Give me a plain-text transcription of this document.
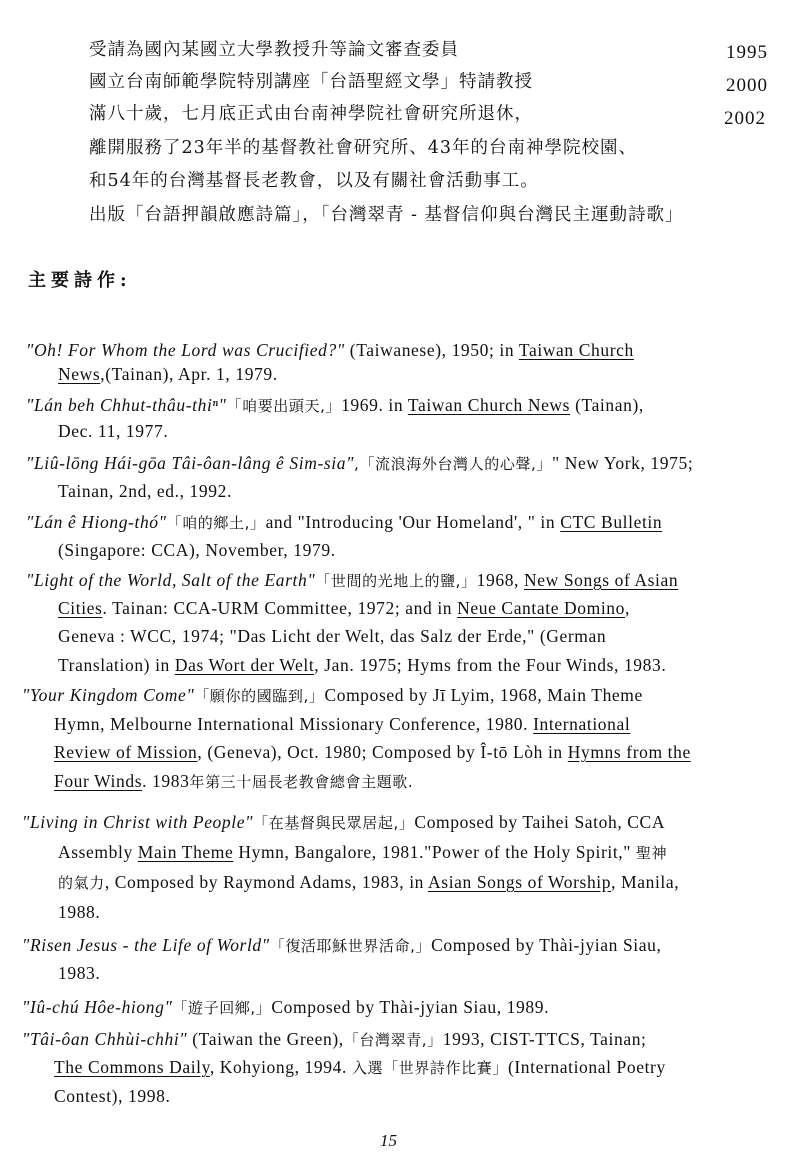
受請為國內某國立大學教授升等論文審查委員	1995
國立台南師範學院特別講座「台語聖經文學」特請教授	2000
滿八十歲，七月底正式由台南神學院社會研究所退休，	2002
離開服務了23年半的基督教社會研究所、43年的台南神學院校園、
和54年的台灣基督長老教會，以及有關社會活動事工。
出版「台語押韻啟應詩篇」，「台灣翠青 - 基督信仰與台灣民主運動詩歌」
主要詩作:
"Oh! For Whom the Lord was Crucified?" (Taiwanese), 1950; in Taiwan Church
News,(Tainan), Apr. 1, 1979.
"Lán beh Chhut-thâu-thiⁿ"「咱要出頭天,」1969. in Taiwan Church News (Tainan),
Dec. 11, 1977.
"Liû-lōng Hái-gōa Tâi-ôan-lâng ê Sim-sia",「流浪海外台灣人的心聲,」" New York, 1975;
Tainan, 2nd, ed., 1992.
"Lán ê Hiong-thó"「咱的鄉土,」and "Introducing 'Our Homeland', " in CTC Bulletin
(Singapore: CCA), November, 1979.
"Light of the World, Salt of the Earth"「世間的光地上的鹽,」1968, New Songs of Asian
Cities. Tainan: CCA-URM Committee, 1972; and in Neue Cantate Domino,
Geneva : WCC, 1974; "Das Licht der Welt, das Salz der Erde," (German
Translation) in Das Wort der Welt, Jan. 1975; Hyms from the Four Winds, 1983.
"Your Kingdom Come"「願你的國臨到,」Composed by Jī Lyim, 1968, Main Theme
Hymn, Melbourne International Missionary Conference, 1980. International
Review of Mission, (Geneva), Oct. 1980; Composed by Î-tō Lòh in Hymns from the
Four Winds. 1983年第三十屆長老教會總會主題歌.
"Living in Christ with People"「在基督與民眾居起,」Composed by Taihei Satoh, CCA
Assembly Main Theme Hymn, Bangalore, 1981."Power of the Holy Spirit," 聖神
的氣力, Composed by Raymond Adams, 1983, in Asian Songs of Worship, Manila,
1988.
"Risen Jesus - the Life of World"「復活耶穌世界活命,」Composed by Thài-jyian Siau,
1983.
"Iû-chú Hôe-hiong"「遊子回鄉,」Composed by Thài-jyian Siau, 1989.
"Tâi-ôan Chhùi-chhi" (Taiwan the Green),「台灣翠青,」1993, CIST-TTCS, Tainan;
The Commons Daily, Kohyiong, 1994. 入選「世界詩作比賽」(International Poetry
Contest), 1998.
15
